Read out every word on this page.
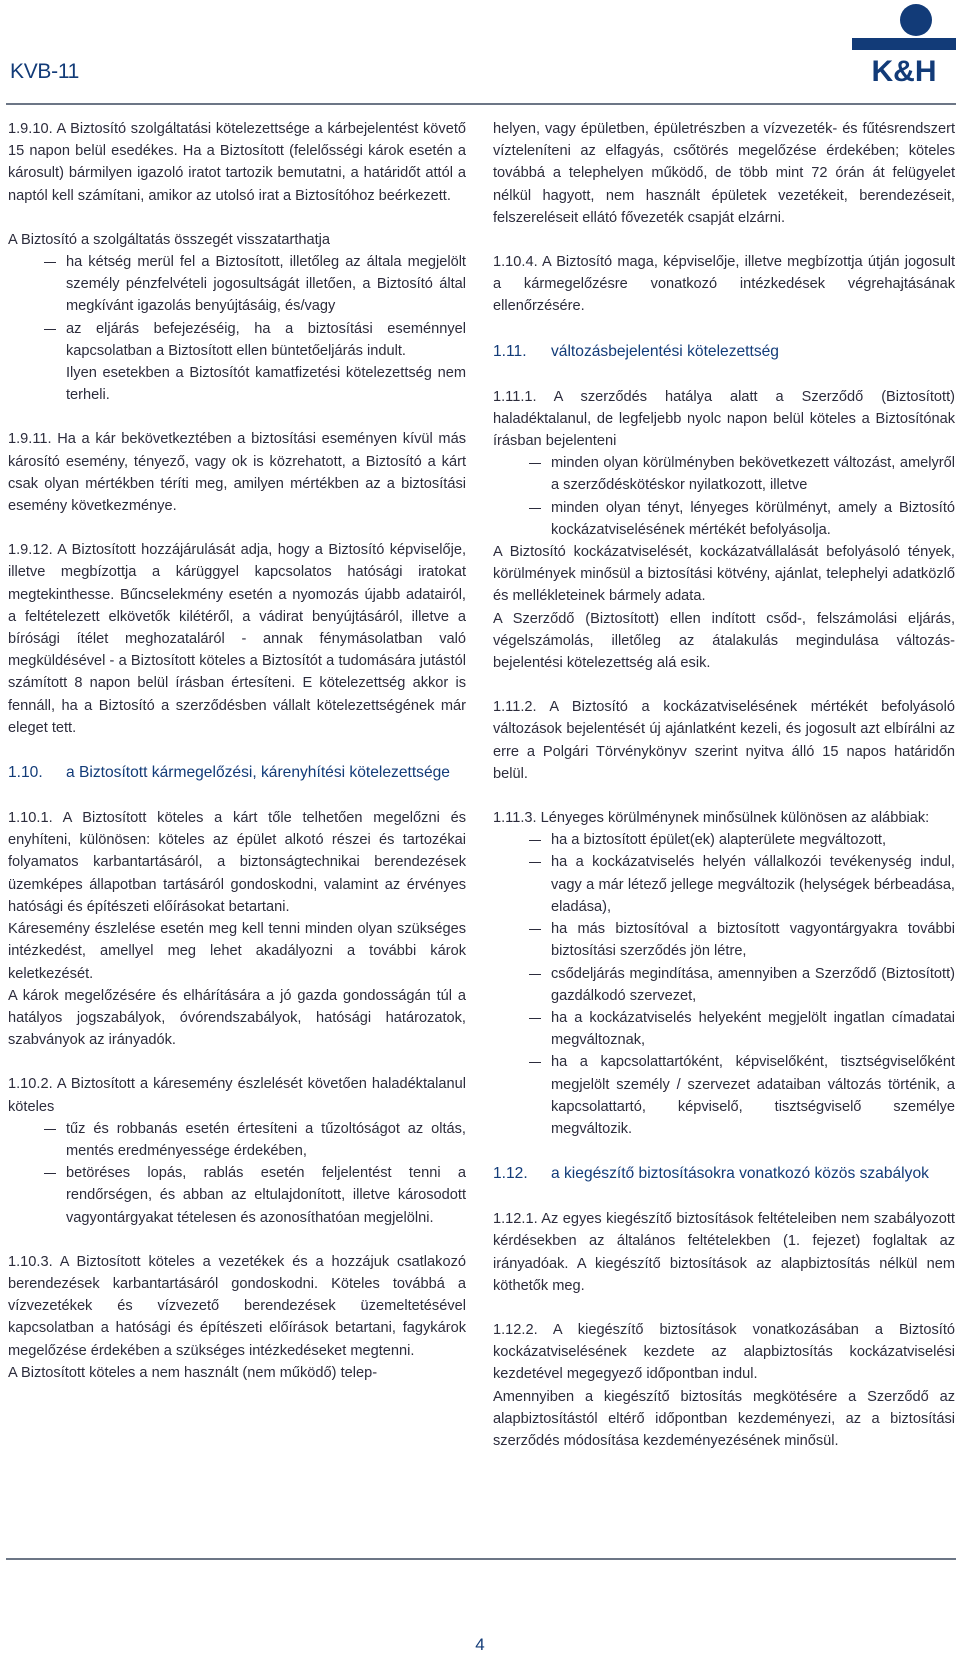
KVB-11	K&H

1.9.10. A Biztosító szolgáltatási kötelezettsége a kárbejelentést követő 15 napon belül esedékes. Ha a Biztosított (felelősségi károk esetén a károsult) bármilyen igazoló iratot tartozik bemutatni, a határidőt attól a naptól kell számítani, amikor az utolsó irat a Biztosítóhoz beérkezett.

A Biztosító a szolgáltatás összegét visszatarthatja

ha kétség merül fel a Biztosított, illetőleg az általa megjelölt személy pénzfelvételi jogosultságát illetően, a Biztosító által megkívánt igazolás benyújtásáig, és/vagy
az eljárás befejezéséig, ha a biztosítási eseménnyel kapcsolatban a Biztosított ellen büntetőeljárás indult.

Ilyen esetekben a Biztosítót kamatfizetési kötelezettség nem terheli.

1.9.11. Ha a kár bekövetkeztében a biztosítási eseményen kívül más károsító esemény, tényező, vagy ok is közrehatott, a Biztosító a kárt csak olyan mértékben téríti meg, amilyen mértékben az a biztosítási esemény következménye.

1.9.12. A Biztosított hozzájárulását adja, hogy a Biztosító képviselője, illetve megbízottja a kárüggyel kapcsolatos hatósági iratokat megtekinthesse. Bűncselekmény esetén a nyomozás újabb adatairól, a feltételezett elkövetők kilétéről, a vádirat benyújtásáról, illetve a bírósági ítélet meghozataláról - annak fénymásolatban való megküldésével - a Biztosított köteles a Biztosítót a tudomására jutástól számított 8 napon belül írásban értesíteni. E kötelezettség akkor is fennáll, ha a Biztosító a szerződésben vállalt kötelezettségének már eleget tett.

1.10. a Biztosított kármegelőzési, kárenyhítési kötelezettsége

1.10.1. A Biztosított köteles a kárt tőle telhetően megelőzni és enyhíteni, különösen: köteles az épület alkotó részei és tartozékai folyamatos karbantartásáról, a biztonságtechnikai berendezések üzemképes állapotban tartásáról gondoskodni, valamint az érvényes hatósági és építészeti előírásokat betartani.

Káresemény észlelése esetén meg kell tenni minden olyan szükséges intézkedést, amellyel meg lehet akadályozni a további károk keletkezését.

A károk megelőzésére és elhárítására a jó gazda gondosságán túl a hatályos jogszabályok, óvórendszabályok, hatósági határozatok, szabványok az irányadók.

1.10.2. A Biztosított a káresemény észlelését követően haladéktalanul köteles

tűz és robbanás esetén értesíteni a tűzoltóságot az oltás, mentés eredményessége érdekében,
betöréses lopás, rablás esetén feljelentést tenni a rendőrségen, és abban az eltulajdonított, illetve károsodott vagyontárgyakat tételesen és azonosíthatóan megjelölni.

1.10.3. A Biztosított köteles a vezetékek és a hozzájuk csatlakozó berendezések karbantartásáról gondoskodni. Köteles továbbá a vízvezetékek és vízvezető berendezések üzemeltetésével kapcsolatban a hatósági és építészeti előírások betartani, fagykárok megelőzése érdekében a szükséges intézkedéseket megtenni.

A Biztosított köteles a nem használt (nem működő) telep-

helyen, vagy épületben, épületrészben a vízvezeték- és fűtésrendszert vízteleníteni az elfagyás, csőtörés megelőzése érdekében; köteles továbbá a telephelyen működő, de több mint 72 órán át felügyelet nélkül hagyott, nem használt épületek vezetékeit, berendezéseit, felszereléseit ellátó fővezeték csapját elzárni.

1.10.4. A Biztosító maga, képviselője, illetve megbízottja útján jogosult a kármegelőzésre vonatkozó intézkedések végrehajtásának ellenőrzésére.

1.11. változásbejelentési kötelezettség

1.11.1. A szerződés hatálya alatt a Szerződő (Biztosított) haladéktalanul, de legfeljebb nyolc napon belül köteles a Biztosítónak írásban bejelenteni

minden olyan körülményben bekövetkezett változást, amelyről a szerződéskötéskor nyilatkozott, illetve
minden olyan tényt, lényeges körülményt, amely a Biztosító kockázatviselésének mértékét befolyásolja.

A Biztosító kockázatviselését, kockázatvállalását befolyásoló tények, körülmények minősül a biztosítási kötvény, ajánlat, telephelyi adatközlő és mellékleteinek bármely adata.

A Szerződő (Biztosított) ellen indított csőd-, felszámolási eljárás, végelszámolás, illetőleg az átalakulás megindulása változás-bejelentési kötelezettség alá esik.

1.11.2. A Biztosító a kockázatviselésének mértékét befolyásoló változások bejelentését új ajánlatként kezeli, és jogosult azt elbírálni az erre a Polgári Törvénykönyv szerint nyitva álló 15 napos határidőn belül.

1.11.3. Lényeges körülménynek minősülnek különösen az alábbiak:

ha a biztosított épület(ek) alapterülete megváltozott,
ha a kockázatviselés helyén vállalkozói tevékenység indul, vagy a már létező jellege megváltozik (helységek bérbeadása, eladása),
ha más biztosítóval a biztosított vagyontárgyakra további biztosítási szerződés jön létre,
csődeljárás megindítása, amennyiben a Szerződő (Biztosított) gazdálkodó szervezet,
ha a kockázatviselés helyeként megjelölt ingatlan címadatai megváltoznak,
ha a kapcsolattartóként, képviselőként, tisztségviselőként megjelölt személy / szervezet adataiban változás történik, a kapcsolattartó, képviselő, tisztségviselő személye megváltozik.

1.12. a kiegészítő biztosításokra vonatkozó közös szabályok

1.12.1. Az egyes kiegészítő biztosítások feltételeiben nem szabályozott kérdésekben az általános feltételekben (1. fejezet) foglaltak az irányadóak. A kiegészítő biztosítások az alapbiztosítás nélkül nem köthetők meg.

1.12.2. A kiegészítő biztosítások vonatkozásában a Biztosító kockázatviselésének kezdete az alapbiztosítás kockázatviselési kezdetével megegyező időpontban indul.

Amennyiben a kiegészítő biztosítás megkötésére a Szerződő az alapbiztosítástól eltérő időpontban kezdeményezi, az a biztosítási szerződés módosítása kezdeményezésének minősül.

4
